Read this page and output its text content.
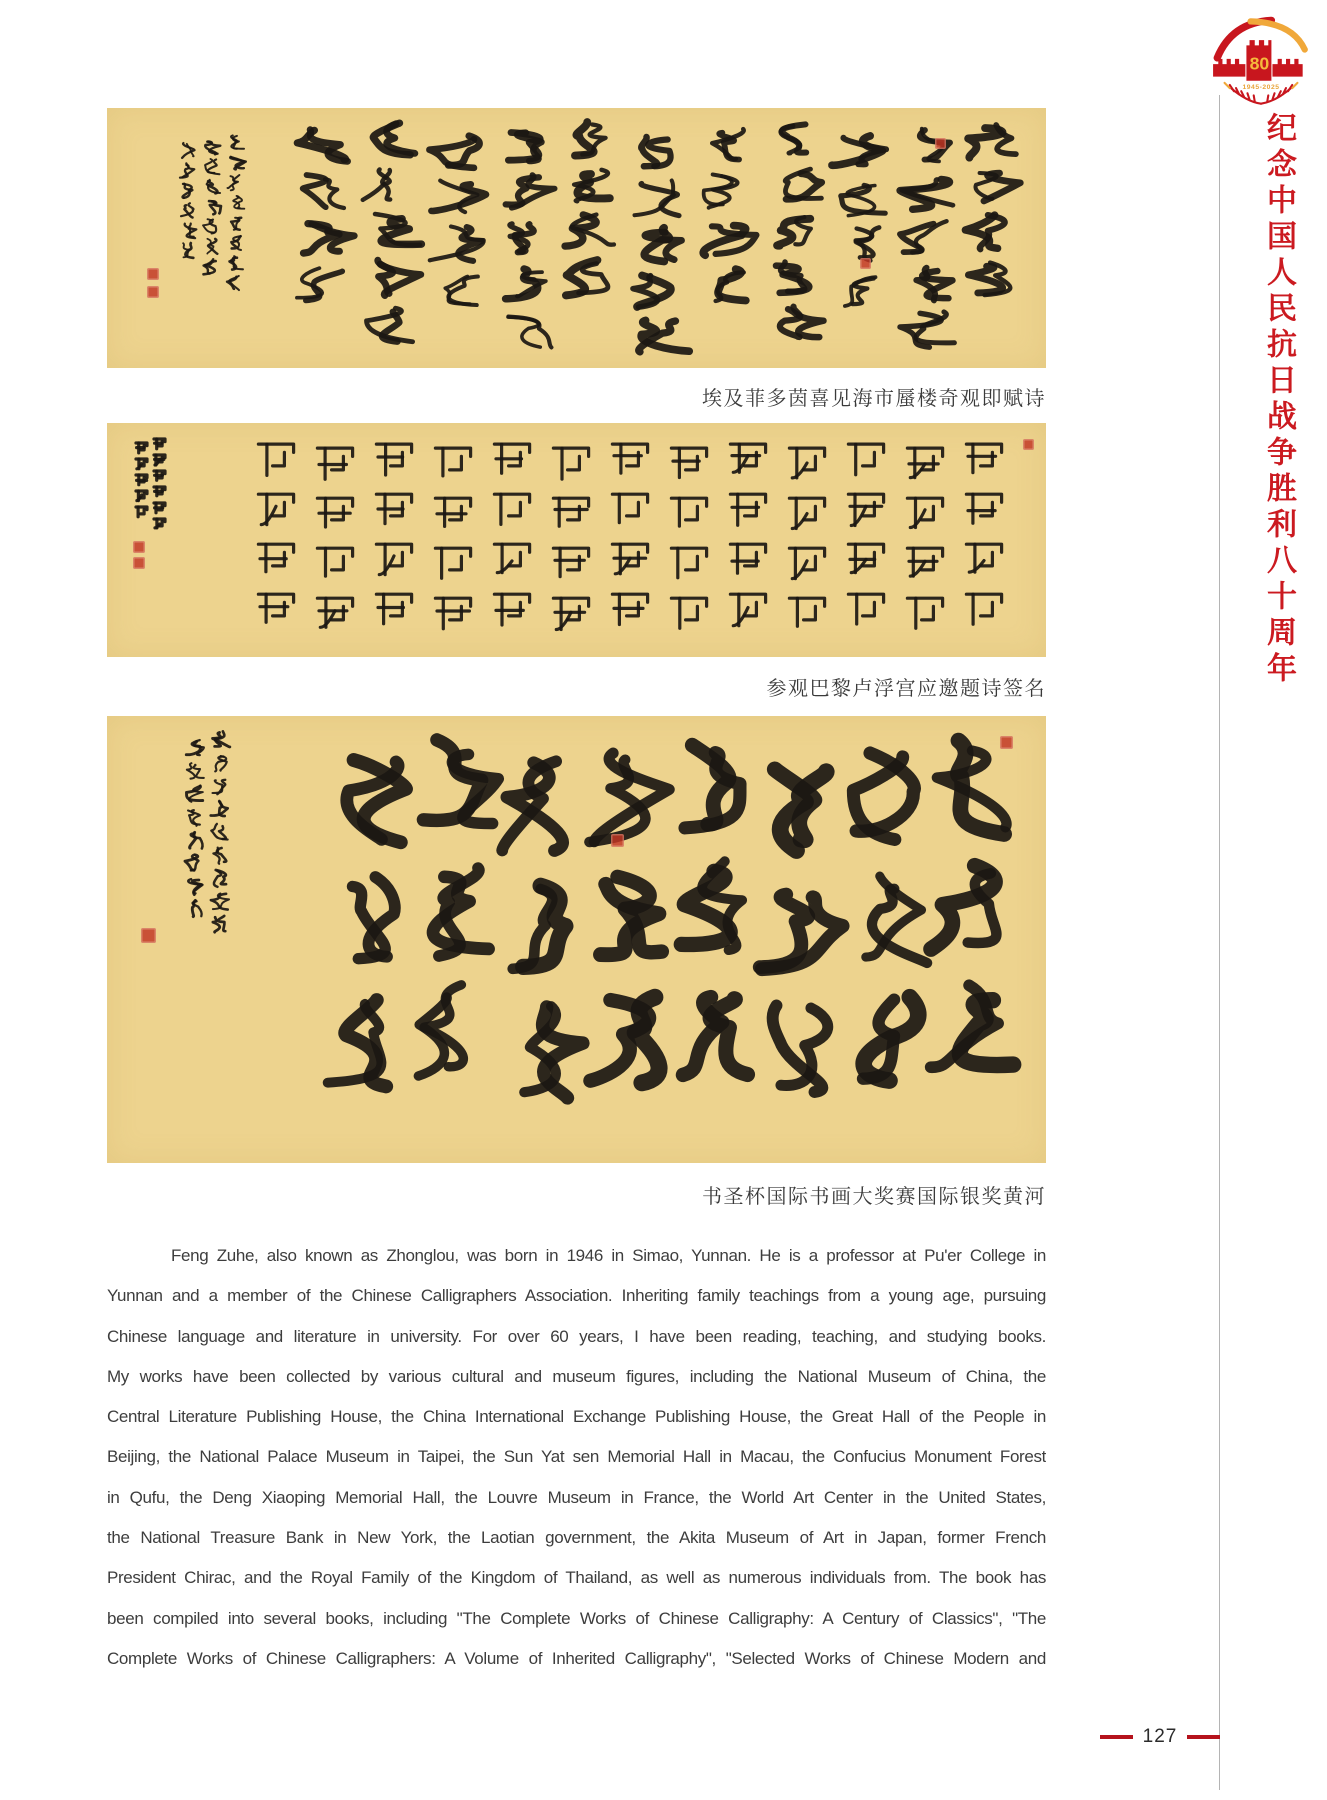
80
1945-2025
纪念中国人民抗日战争胜利八十周年
埃及菲多茵喜见海市蜃楼奇观即赋诗
参观巴黎卢浮宫应邀题诗签名
书圣杯国际书画大奖赛国际银奖黄河
Feng Zuhe, also known as Zhonglou, was born in 1946 in Simao, Yunnan. He is a professor at Pu'er College in
Yunnan and a member of the Chinese Calligraphers Association. Inheriting family teachings from a young age, pursuing
Chinese language and literature in university. For over 60 years, I have been reading, teaching, and studying books.
My works have been collected by various cultural and museum figures, including the National Museum of China, the
Central Literature Publishing House, the China International Exchange Publishing House, the Great Hall of the People in
Beijing, the National Palace Museum in Taipei, the Sun Yat sen Memorial Hall in Macau, the Confucius Monument Forest
in Qufu, the Deng Xiaoping Memorial Hall, the Louvre Museum in France, the World Art Center in the United States,
the National Treasure Bank in New York, the Laotian government, the Akita Museum of Art in Japan, former French
President Chirac, and the Royal Family of the Kingdom of Thailand, as well as numerous individuals from. The book has
been compiled into several books, including "The Complete Works of Chinese Calligraphy: A Century of Classics", "The
Complete Works of Chinese Calligraphers: A Volume of Inherited Calligraphy", "Selected Works of Chinese Modern and
127
